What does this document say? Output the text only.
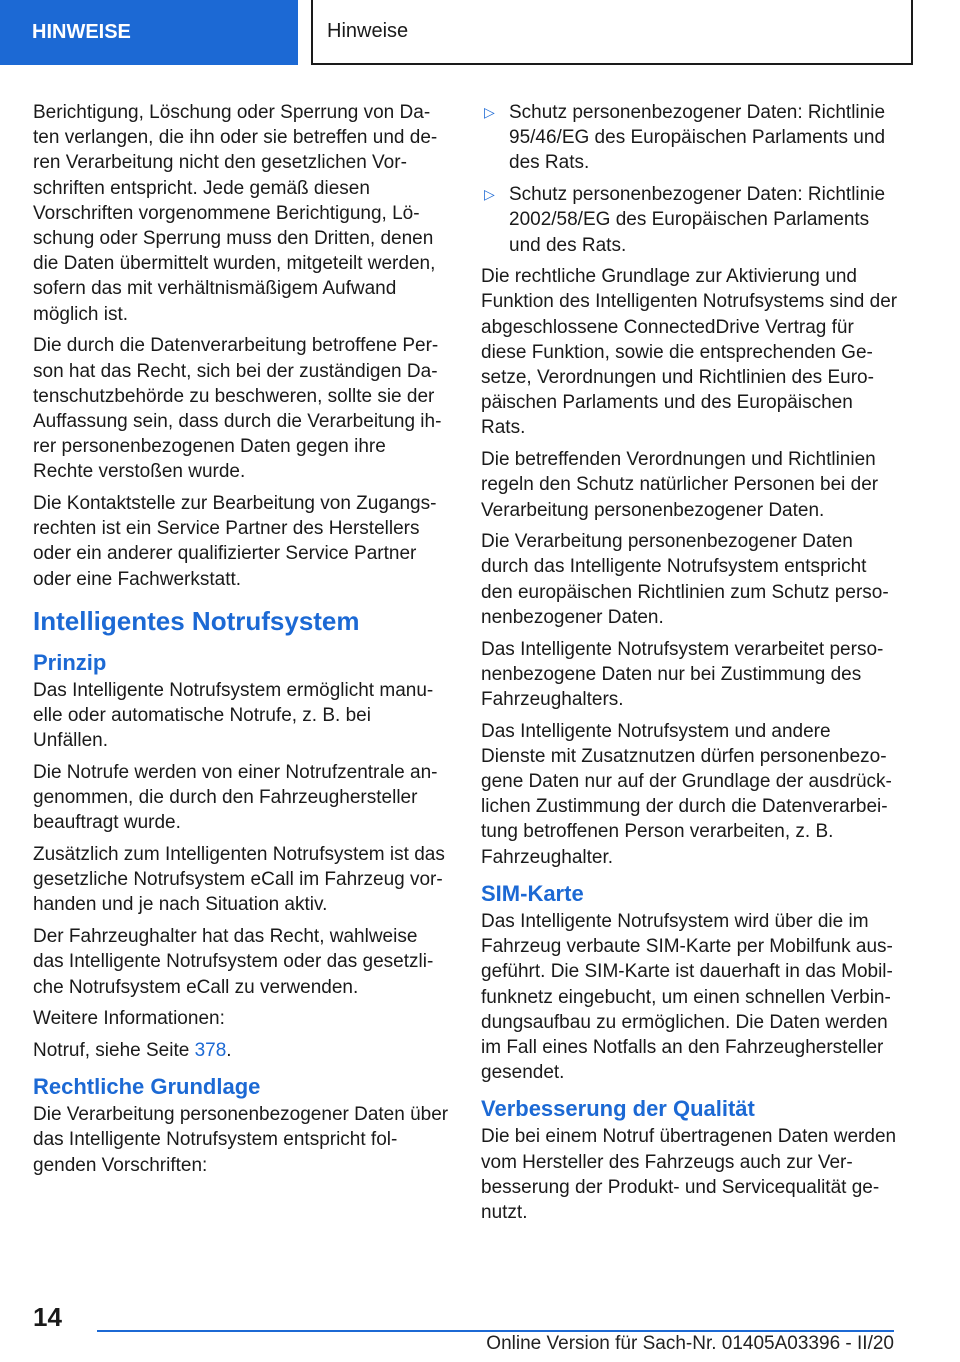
HINWEISE	Hinweise

Berichtigung, Löschung oder Sperrung von Daten verlangen, die ihn oder sie betreffen und deren Verarbeitung nicht den gesetzlichen Vorschriften entspricht. Jede gemäß diesen Vorschriften vorgenommene Berichtigung, Löschung oder Sperrung muss den Dritten, denen die Daten übermittelt wurden, mitgeteilt werden, sofern das mit verhältnismäßigem Aufwand möglich ist.

Die durch die Datenverarbeitung betroffene Person hat das Recht, sich bei der zuständigen Datenschutzbehörde zu beschweren, sollte sie der Auffassung sein, dass durch die Verarbeitung ihrer personenbezogenen Daten gegen ihre Rechte verstoßen wurde.

Die Kontaktstelle zur Bearbeitung von Zugangsrechten ist ein Service Partner des Herstellers oder ein anderer qualifizierter Service Partner oder eine Fachwerkstatt.

Intelligentes Notrufsystem
Prinzip

Das Intelligente Notrufsystem ermöglicht manuelle oder automatische Notrufe, z. B. bei Unfällen.

Die Notrufe werden von einer Notrufzentrale angenommen, die durch den Fahrzeughersteller beauftragt wurde.

Zusätzlich zum Intelligenten Notrufsystem ist das gesetzliche Notrufsystem eCall im Fahrzeug vorhanden und je nach Situation aktiv.

Der Fahrzeughalter hat das Recht, wahlweise das Intelligente Notrufsystem oder das gesetzliche Notrufsystem eCall zu verwenden.

Weitere Informationen:

Notruf, siehe Seite 378.

Rechtliche Grundlage

Die Verarbeitung personenbezogener Daten über das Intelligente Notrufsystem entspricht folgenden Vorschriften:

▷ Schutz personenbezogener Daten: Richtlinie 95/46/EG des Europäischen Parlaments und des Rats.
▷ Schutz personenbezogener Daten: Richtlinie 2002/58/EG des Europäischen Parlaments und des Rats.

Die rechtliche Grundlage zur Aktivierung und Funktion des Intelligenten Notrufsystems sind der abgeschlossene ConnectedDrive Vertrag für diese Funktion, sowie die entsprechenden Gesetze, Verordnungen und Richtlinien des Europäischen Parlaments und des Europäischen Rats.

Die betreffenden Verordnungen und Richtlinien regeln den Schutz natürlicher Personen bei der Verarbeitung personenbezogener Daten.

Die Verarbeitung personenbezogener Daten durch das Intelligente Notrufsystem entspricht den europäischen Richtlinien zum Schutz personenbezogener Daten.

Das Intelligente Notrufsystem verarbeitet personenbezogene Daten nur bei Zustimmung des Fahrzeughalters.

Das Intelligente Notrufsystem und andere Dienste mit Zusatznutzen dürfen personenbezogene Daten nur auf der Grundlage der ausdrücklichen Zustimmung der durch die Datenverarbeitung betroffenen Person verarbeiten, z. B. Fahrzeughalter.

SIM-Karte

Das Intelligente Notrufsystem wird über die im Fahrzeug verbaute SIM-Karte per Mobilfunk ausgeführt. Die SIM-Karte ist dauerhaft in das Mobilfunknetz eingebucht, um einen schnellen Verbindungsaufbau zu ermöglichen. Die Daten werden im Fall eines Notfalls an den Fahrzeughersteller gesendet.

Verbesserung der Qualität

Die bei einem Notruf übertragenen Daten werden vom Hersteller des Fahrzeugs auch zur Verbesserung der Produkt- und Servicequalität genutzt.

14
Online Version für Sach-Nr. 01405A03396 - II/20
